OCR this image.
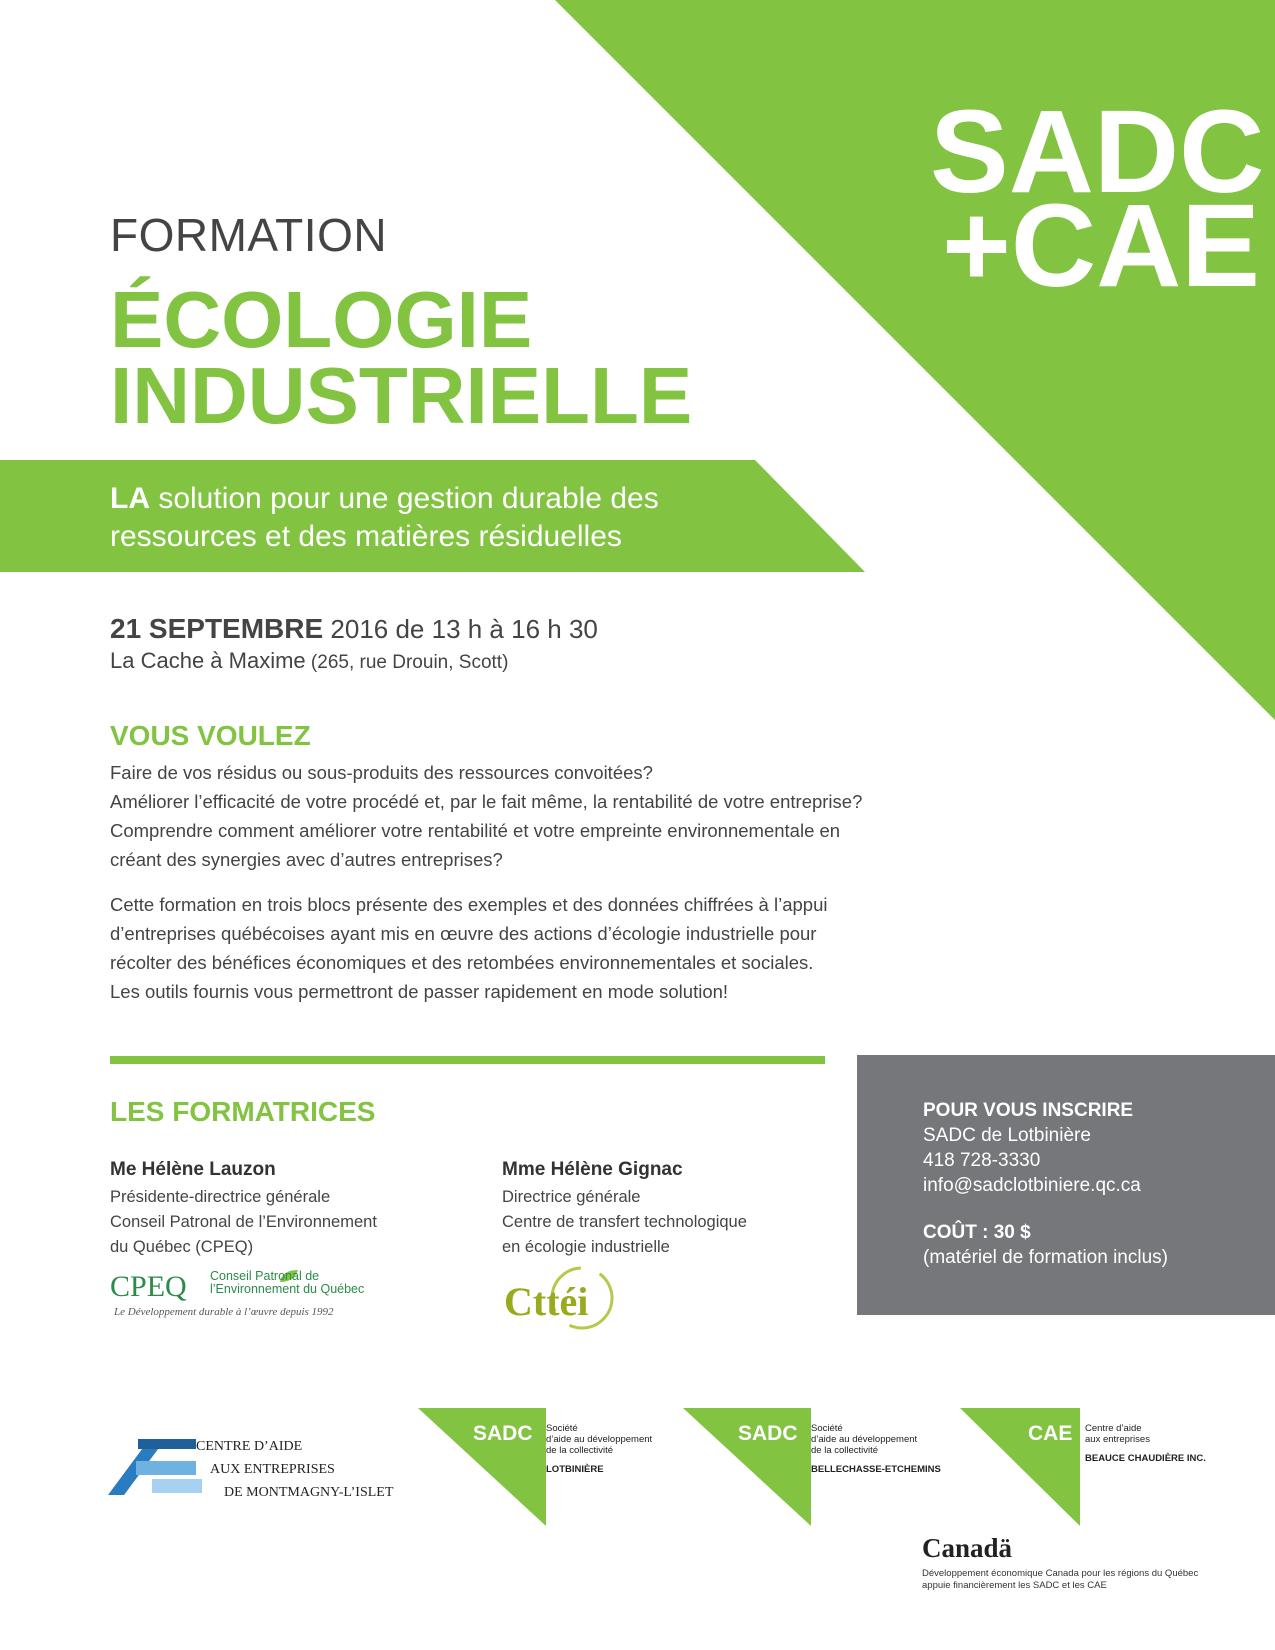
SADC
+CAE
FORMATION
ÉCOLOGIE
INDUSTRIELLE
LA solution pour une gestion durable des
ressources et des matières résiduelles
21 SEPTEMBRE 2016 de 13 h à 16 h 30
La Cache à Maxime (265, rue Drouin, Scott)
VOUS VOULEZ

Faire de vos résidus ou sous-produits des ressources convoitées?
Améliorer l’efficacité de votre procédé et, par le fait même, la rentabilité de votre entreprise?
Comprendre comment améliorer votre rentabilité et votre empreinte environnementale en
créant des synergies avec d’autres entreprises?

Cette formation en trois blocs présente des exemples et des données chiffrées à l’appui
d’entreprises québécoises ayant mis en œuvre des actions d’écologie industrielle pour
récolter des bénéfices économiques et des retombées environnementales et sociales.
Les outils fournis vous permettront de passer rapidement en mode solution!

LES FORMATRICES
Me Hélène Lauzon
Présidente-directrice générale
Conseil Patronal de l’Environnement
du Québec (CPEQ)
Mme Hélène Gignac
Directrice générale
Centre de transfert technologique
en écologie industrielle
POUR VOUS INSCRIRE
SADC de Lotbinière
418 728-3330
info@sadclotbiniere.qc.ca
COÛT : 30 $
(matériel de formation inclus)
CPEQ Conseil Patronal de
l’Environnement du Québec
Le Développement durable à l’œuvre depuis 1992	Cttéi
CENTRE D’AIDE
AUX ENTREPRISES
DE MONTMAGNY-L’ISLET
SADC Société
d’aide au développement
de la collectivité
LOTBINIÈRE
SADC Société
d’aide au développement
de la collectivité
BELLECHASSE-ETCHEMINS
CAE Centre d’aide
aux entreprises
BEAUCE CHAUDIÈRE INC.
Canadä
Développement économique Canada pour les régions du Québec
appuie financièrement les SADC et les CAE
